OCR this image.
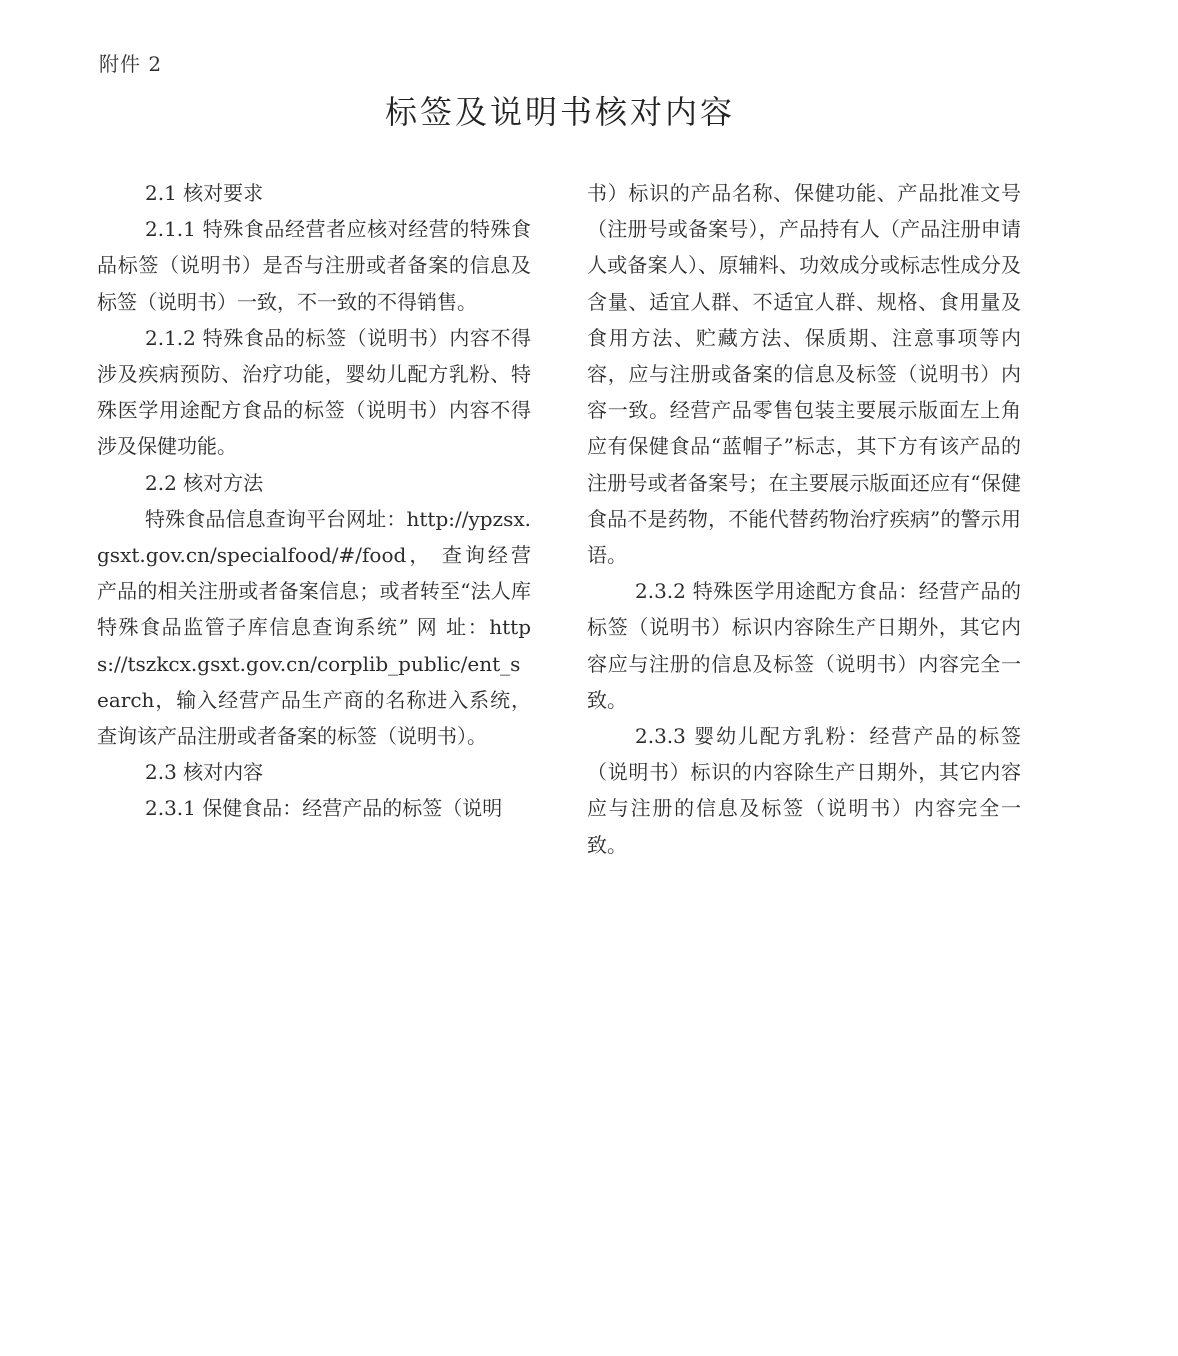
附件 2
标签及说明书核对内容

2.1 核对要求

2.1.1 特殊食品经营者应核对经营的特殊食品标签（说明书）是否与注册或者备案的信息及标签（说明书）一致，不一致的不得销售。

2.1.2 特殊食品的标签（说明书）内容不得涉及疾病预防、治疗功能，婴幼儿配方乳粉、特殊医学用途配方食品的标签（说明书）内容不得涉及保健功能。

2.2 核对方法

特殊食品信息查询平台网址：http://ypzsx.gsxt.gov.cn/specialfood/#/food， 查询经营产品的相关注册或者备案信息；或者转至“法人库特殊食品监管子库信息查询系统” 网 址：https://tszkcx.gsxt.gov.cn/corplib_public/ent_search，输入经营产品生产商的名称进入系统，查询该产品注册或者备案的标签（说明书）。

2.3 核对内容

2.3.1 保健食品：经营产品的标签（说明

书）标识的产品名称、保健功能、产品批准文号（注册号或备案号），产品持有人（产品注册申请人或备案人）、原辅料、功效成分或标志性成分及含量、适宜人群、不适宜人群、规格、食用量及食用方法、贮藏方法、保质期、注意事项等内容，应与注册或备案的信息及标签（说明书）内容一致。经营产品零售包装主要展示版面左上角应有保健食品“蓝帽子”标志，其下方有该产品的注册号或者备案号；在主要展示版面还应有“保健食品不是药物，不能代替药物治疗疾病”的警示用语。

2.3.2 特殊医学用途配方食品：经营产品的标签（说明书）标识内容除生产日期外，其它内容应与注册的信息及标签（说明书）内容完全一致。

2.3.3 婴幼儿配方乳粉：经营产品的标签（说明书）标识的内容除生产日期外，其它内容应与注册的信息及标签（说明书）内容完全一致。
